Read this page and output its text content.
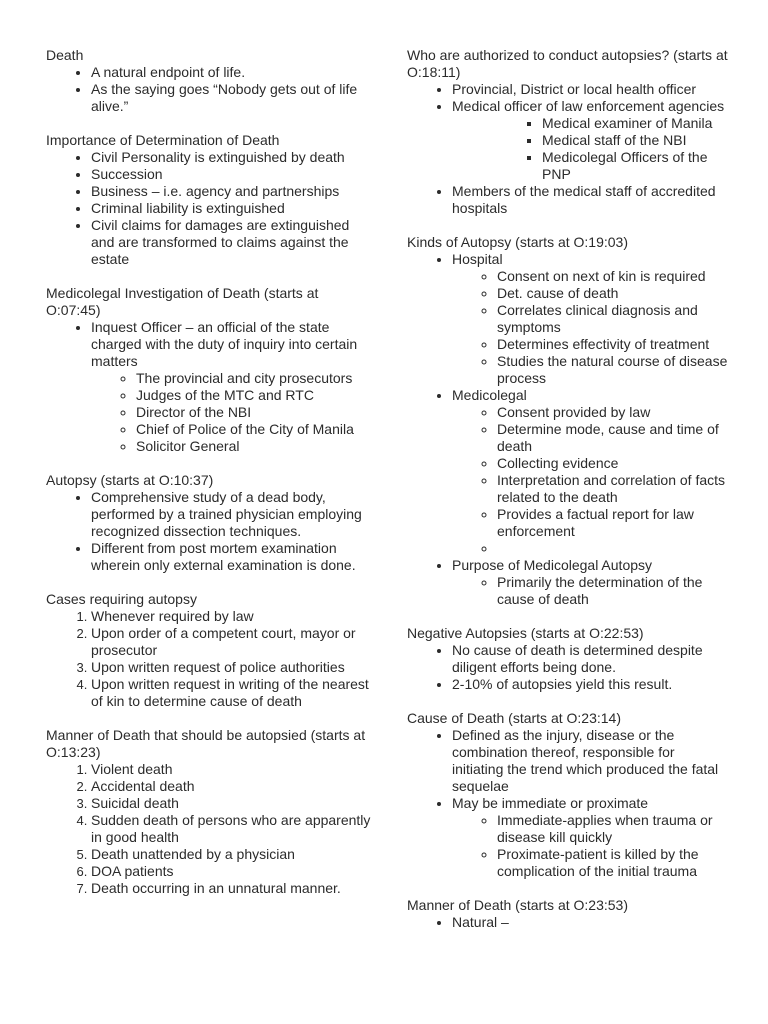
Death

• A natural endpoint of life.
• As the saying goes “Nobody gets out of life alive.”

Importance of Determination of Death

• Civil Personality is extinguished by death
• Succession
• Business – i.e. agency and partnerships
• Criminal liability is extinguished
• Civil claims for damages are extinguished and are transformed to claims against the estate

Medicolegal Investigation of Death (starts at O:07:45)

• Inquest Officer – an official of the state charged with the duty of inquiry into certain matters
◦ The provincial and city prosecutors
◦ Judges of the MTC and RTC
◦ Director of the NBI
◦ Chief of Police of the City of Manila
◦ Solicitor General

Autopsy (starts at O:10:37)

• Comprehensive study of a dead body, performed by a trained physician employing recognized dissection techniques.
• Different from post mortem examination wherein only external examination is done.

Cases requiring autopsy

1. Whenever required by law
2. Upon order of a competent court, mayor or prosecutor
3. Upon written request of police authorities
4. Upon written request in writing of the nearest of kin to determine cause of death

Manner of Death that should be autopsied (starts at O:13:23)

1. Violent death
2. Accidental death
3. Suicidal death
4. Sudden death of persons who are apparently in good health
5. Death unattended by a physician
6. DOA patients
7. Death occurring in an unnatural manner.

Who are authorized to conduct autopsies? (starts at O:18:11)

• Provincial, District or local health officer
• Medical officer of law enforcement agencies
▪ Medical examiner of Manila
▪ Medical staff of the NBI
▪ Medicolegal Officers of the PNP
• Members of the medical staff of accredited hospitals

Kinds of Autopsy (starts at O:19:03)

• Hospital
◦ Consent on next of kin is required
◦ Det. cause of death
◦ Correlates clinical diagnosis and symptoms
◦ Determines effectivity of treatment
◦ Studies the natural course of disease process
• Medicolegal
◦ Consent provided by law
◦ Determine mode, cause and time of death
◦ Collecting evidence
◦ Interpretation and correlation of facts related to the death
◦ Provides a factual report for law enforcement
◦
• Purpose of Medicolegal Autopsy
◦ Primarily the determination of the cause of death

Negative Autopsies (starts at O:22:53)

• No cause of death is determined despite diligent efforts being done.
• 2-10% of autopsies yield this result.

Cause of Death (starts at O:23:14)

• Defined as the injury, disease or the combination thereof, responsible for initiating the trend which produced the fatal sequelae
• May be immediate or proximate
◦ Immediate-applies when trauma or disease kill quickly
◦ Proximate-patient is killed by the complication of the initial trauma

Manner of Death (starts at O:23:53)

• Natural –
